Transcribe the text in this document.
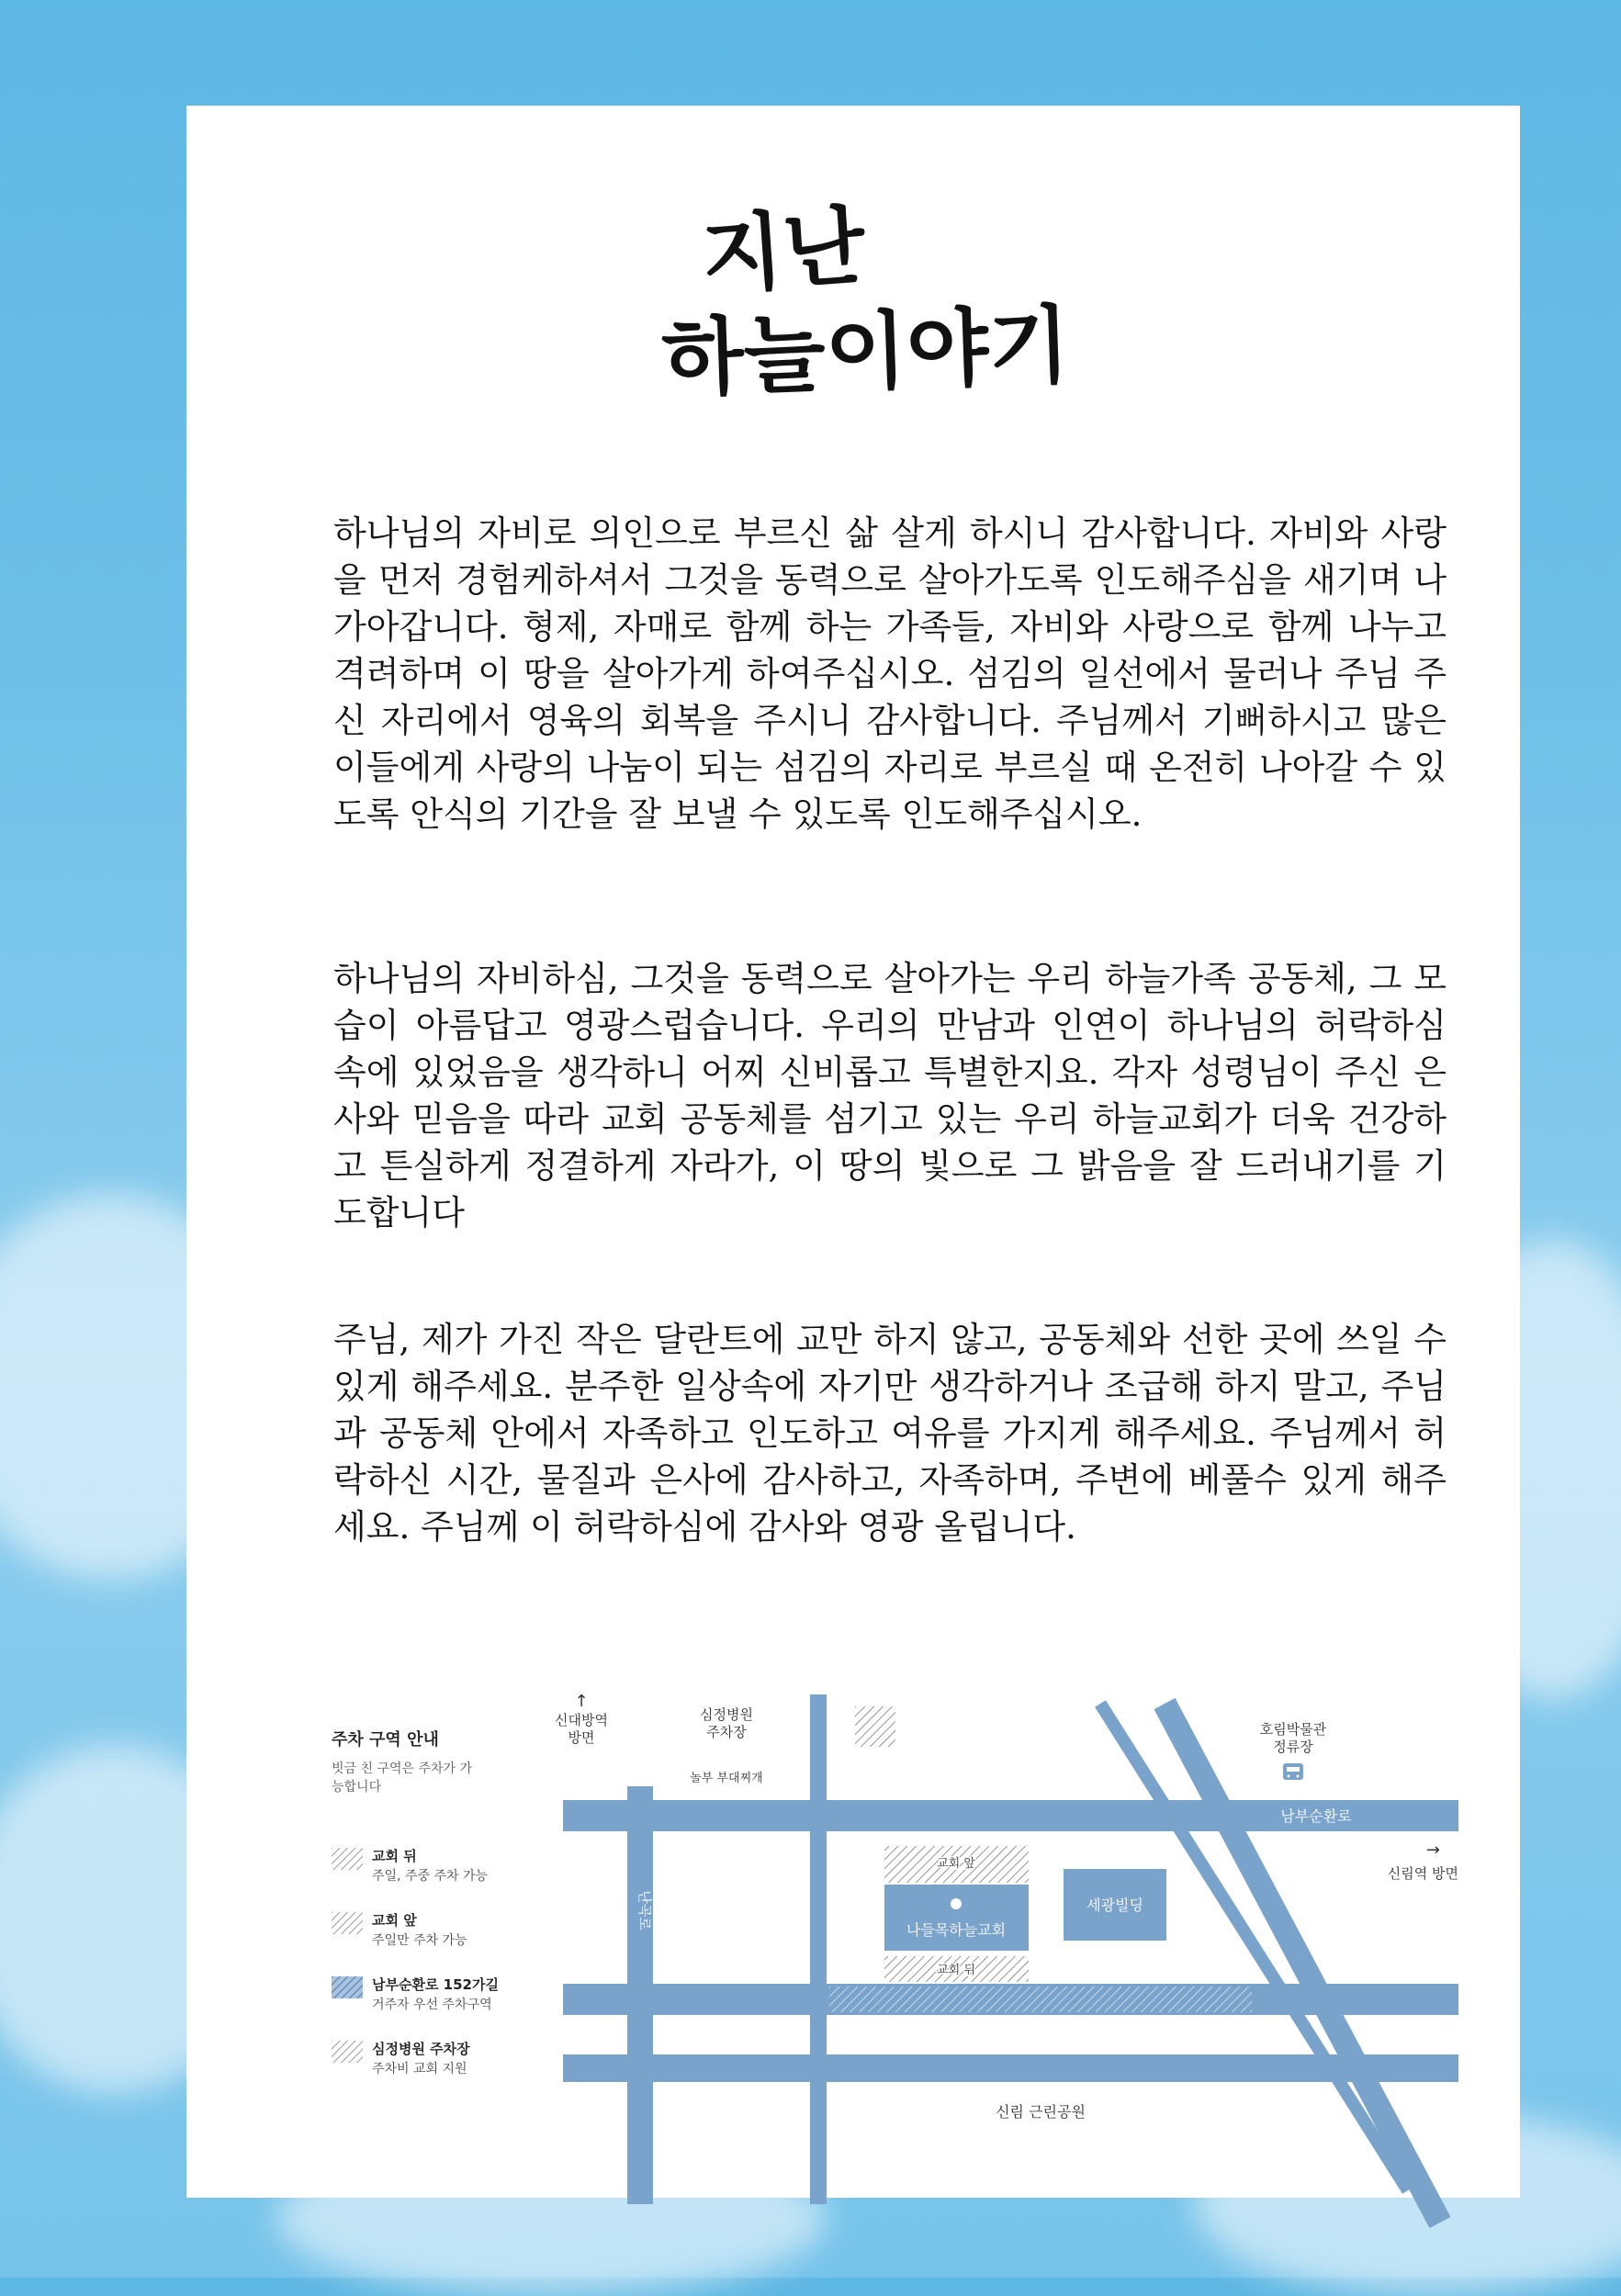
지난
하늘이야기

하나님의 자비로 의인으로 부르신 삶 살게 하시니 감사합니다. 자비와 사랑을 먼저 경험케하셔서 그것을 동력으로 살아가도록 인도해주심을 새기며 나가아갑니다. 형제, 자매로 함께 하는 가족들, 자비와 사랑으로 함께 나누고 격려하며 이 땅을 살아가게 하여주십시오. 섬김의 일선에서 물러나 주님 주신 자리에서 영육의 회복을 주시니 감사합니다. 주님께서 기뻐하시고 많은 이들에게 사랑의 나눔이 되는 섬김의 자리로 부르실 때 온전히 나아갈 수 있도록 안식의 기간을 잘 보낼 수 있도록 인도해주십시오.

하나님의 자비하심, 그것을 동력으로 살아가는 우리 하늘가족 공동체, 그 모습이 아름답고 영광스럽습니다. 우리의 만남과 인연이 하나님의 허락하심 속에 있었음을 생각하니 어찌 신비롭고 특별한지요. 각자 성령님이 주신 은사와 믿음을 따라 교회 공동체를 섬기고 있는 우리 하늘교회가 더욱 건강하고 튼실하게 정결하게 자라가, 이 땅의 빛으로 그 밝음을 잘 드러내기를 기도합니다

주님, 제가 가진 작은 달란트에 교만 하지 않고, 공동체와 선한 곳에 쓰일 수 있게 해주세요. 분주한 일상속에 자기만 생각하거나 조급해 하지 말고, 주님과 공동체 안에서 자족하고 인도하고 여유를 가지게 해주세요. 주님께서 허락하신 시간, 물질과 은사에 감사하고, 자족하며, 주변에 베풀수 있게 해주세요. 주님께 이 허락하심에 감사와 영광 올립니다.

주차 구역 안내
빗금 친 구역은 주차가 가능합니다
교회 뒤
주일, 주중 주차 가능
교회 앞
주일만 주차 가능
남부순환로 152가길
거주자 우선 주차구역
심정병원 주차장
주차비 교회 지원
↑
신대방역
방면
심정병원
주차장
놀부 부대찌개
호림박물관
정류장
남부순환로
→
신림역 방면
난곡로
교회 앞
교회 뒤
나들목하늘교회
세광빌딩
신림 근린공원
